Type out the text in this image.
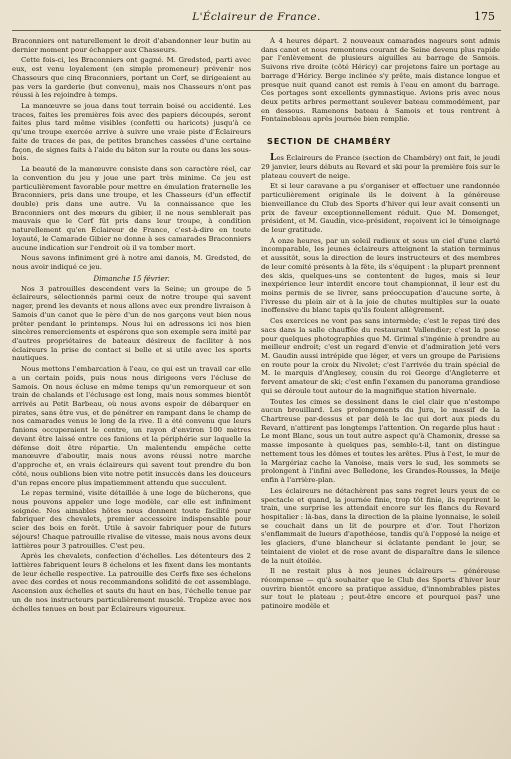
L'Éclaireur de France.	175

Braconniers ont naturellement le droit d'abandonner leur butin au dernier moment pour échapper aux Chasseurs.

Cette fois-ci, les Braconniers ont gagné. M. Gredsted, parti avec eux, est venu loyalement (en simple promeneur) prévenir nos Chasseurs que cinq Braconniers, portant un Cerf, se dirigeaient au pas vers la garderie (but convenu), mais nos Chasseurs n'ont pas réussi à les rejoindre à temps.

La manœuvre se joua dans tout terrain boisé ou accidenté. Les traces, faites les premières fois avec des papiers découpés, seront faites plus tard même visibles (confetti ou haricots) jusqu'à ce qu'une troupe exercée arrive à suivre une vraie piste d'Éclaireurs faite de traces de pas, de petites branches cassées d'une certaine façon, de signes faits à l'aide du bâton sur la route ou dans les sous-bois.

La beauté de la manœuvre consiste dans son caractère réel, car la convention du jeu y joue une part très minime. Ce jeu est particulièrement favorable pour mettre en émulation fraternelle les Braconniers, pris dans une troupe, et les Chasseurs (d'un effectif double) pris dans une autre. Vu la connaissance que les Braconniers ont des mœurs du gibier, il ne nous semblerait pas mauvais que le Cerf fût pris dans leur troupe, à condition naturellement qu'en Éclaireur de France, c'est-à-dire en toute loyauté, le Camarade Gibier ne donne à ses camarades Braconniers aucune indication sur l'endroit où il va tomber mort.

Nous savons infiniment gré à notre ami danois, M. Gredsted, de nous avoir indiqué ce jeu.

Dimanche 15 février.

Nos 3 patrouilles descendent vers la Seine; un groupe de 5 éclaireurs, sélectionnés parmi ceux de notre troupe qui savent nager, prend les devants et nous allons avec eux prendre livraison à Samois d'un canot que le père d'un de nos garçons veut bien nous prêter pendant le printemps. Nous lui en adressons ici nos bien sincères remerciements et espérons que son exemple sera imité par d'autres propriétaires de bateaux désireux de faciliter à nos éclaireurs la prise de contact si belle et si utile avec les sports nautiques.

Nous mettons l'embarcation à l'eau, ce qui est un travail car elle a un certain poids, puis nous nous dirigeons vers l'écluse de Samois. On nous écluse en même temps qu'un remorqueur et son train de chalands et l'éclusage est long, mais nous sommes bientôt arrivés au Petit Barbeau, où nous avons espoir de débarquer en pirates, sans être vus, et de pénétrer en rampant dans le champ de nos camarades venus le long de la rive. Il a été convenu que leurs fanions occuperaient le centre, un rayon d'environ 100 mètres devant être laissé entre ces fanions et la périphérie sur laquelle la défense doit être répartie. Un malentendu empêche cette manœuvre d'aboutir, mais nous avons réussi notre marche d'approche et, en vrais éclaireurs qui savent tout prendre du bon côté, nous oublions bien vite notre petit insuccès dans les douceurs d'un repas encore plus impatiemment attendu que succulent.

Le repas terminé, visite détaillée à une loge de bûcherons, que nous pouvons appeler une loge modèle, car elle est infiniment soignée. Nos aimables hôtes nous donnent toute facilité pour fabriquer des chevalets, premier accessoire indispensable pour scier des bois en forêt. Utile à savoir fabriquer pour de futurs séjours! Chaque patrouille rivalise de vitesse, mais nous avons deux lattières pour 3 patrouilles. C'est peu.

Après les chevalets, confection d'échelles. Les détenteurs des 2 lattières fabriquent leurs 8 échelons et les fixent dans les montants de leur échelle respective. La patrouille des Cerfs fixe ses échelons avec des cordes et nous recommandons solidité de cet assemblage. Ascension aux échelles et sauts du haut en bas, l'échelle tenue par un de nos instructeurs particulièrement musclé. Trapèze avec nos échelles tenues en bout par Éclaireurs vigoureux.

À 4 heures départ. 2 nouveaux camarades nageurs sont admis dans canot et nous remontons courant de Seine devenu plus rapide par l'enlèvement de plusieurs aiguilles au barrage de Samois. Suivons rive droite (côté Héricy) car projetons faire un portage au barrage d'Héricy. Berge inclinée s'y prête, mais distance longue et presque nuit quand canot est remis à l'eau en amont du barrage. Ces portages sont excellents gymnastique. Avions pris avec nous deux petits arbres permettant soulever bateau commodément, par en dessous. Ramenons bateau à Samois et tous rentrent à Fontainebleau après journée bien remplie.

SECTION DE CHAMBÉRY

Les Éclaireurs de France (section de Chambéry) ont fait, le jeudi 29 janvier, leurs débuts au Revard et ski pour la première fois sur le plateau couvert de neige.

Et si leur caravane a pu s'organiser et effectuer une randonnée particulièrement originale ils le doivent à la généreuse bienveillance du Club des Sports d'hiver qui leur avait consenti un prix de faveur exceptionnellement réduit. Que M. Domenget, président, et M. Gaudin, vice-président, reçoivent ici le témoignage de leur gratitude.

À onze heures, par un soleil radieux et sous un ciel d'une clarté incomparable, les jeunes éclaireurs atteignent la station terminus et aussitôt, sous la direction de leurs instructeurs et des membres de leur comité présents à la fête, ils s'équipent : la plupart prennent des skis, quelques-uns se contentent de luges, mais si leur inexpérience leur interdit encore tout championnat, il leur est du moins permis de se livrer, sans préoccupation d'aucune sorte, à l'ivresse du plein air et à la joie de chutes multiples sur la ouate inoffensive du blanc tapis qu'ils foulent allègrement.

Ces exercices ne vont pas sans intermède; c'est le repas tiré des sacs dans la salle chauffée du restaurant Vallendier; c'est la pose pour quelques photographies que M. Grimal s'ingénie à prendre au meilleur endroit; c'est un regard d'envie et d'admiration jeté vers M. Gaudin aussi intrépide que léger, et vers un groupe de Parisiens en route pour la croix du Nivolet; c'est l'arrivée du train spécial de M. le marquis d'Anglesey, cousin du roi George d'Angleterre et fervent amateur de ski; c'est enfin l'examen du panorama grandiose qui se déroule tout autour de la magnifique station hivernale.

Toutes les cimes se dessinent dans le ciel clair que n'estompe aucun brouillard. Les prolongements du Jura, le massif de la Chartreuse par-dessus et par delà le lac qui dort aux pieds du Revard, n'attirent pas longtemps l'attention. On regarde plus haut : Le mont Blanc, sous un tout autre aspect qu'à Chamonix, dresse sa masse imposante à quelques pas, semble-t-il, tant on distingue nettement tous les dômes et toutes les arêtes. Plus à l'est, le mur de la Margériaz cache la Vanoise, mais vers le sud, les sommets se prolongent à l'infini avec Belledone, les Grandes-Rousses, la Meije enfin à l'arrière-plan.

Les éclaireurs ne détachèrent pas sans regret leurs yeux de ce spectacle et quand, la journée finie, trop tôt finie, ils reprirent le train, une surprise les attendait encore sur les flancs du Revard hospitalier : là-bas, dans la direction de la plaine lyonnaise, le soleil se couchait dans un lit de pourpre et d'or. Tout l'horizon s'enflammait de lueurs d'apothéose, tandis qu'à l'opposé la neige et les glaciers, d'une blancheur si éclatante pendant le jour, se teintaient de violet et de rose avant de disparaître dans le silence de la nuit étoilée.

Il ne restait plus à nos jeunes éclaireurs — généreuse récompense — qu'à souhaiter que le Club des Sports d'hiver leur ouvrira bientôt encore sa pratique assidue, d'innombrables pistes sur tout le plateau ; peut-être encore et pourquoi pas? une patinoire modèle et
